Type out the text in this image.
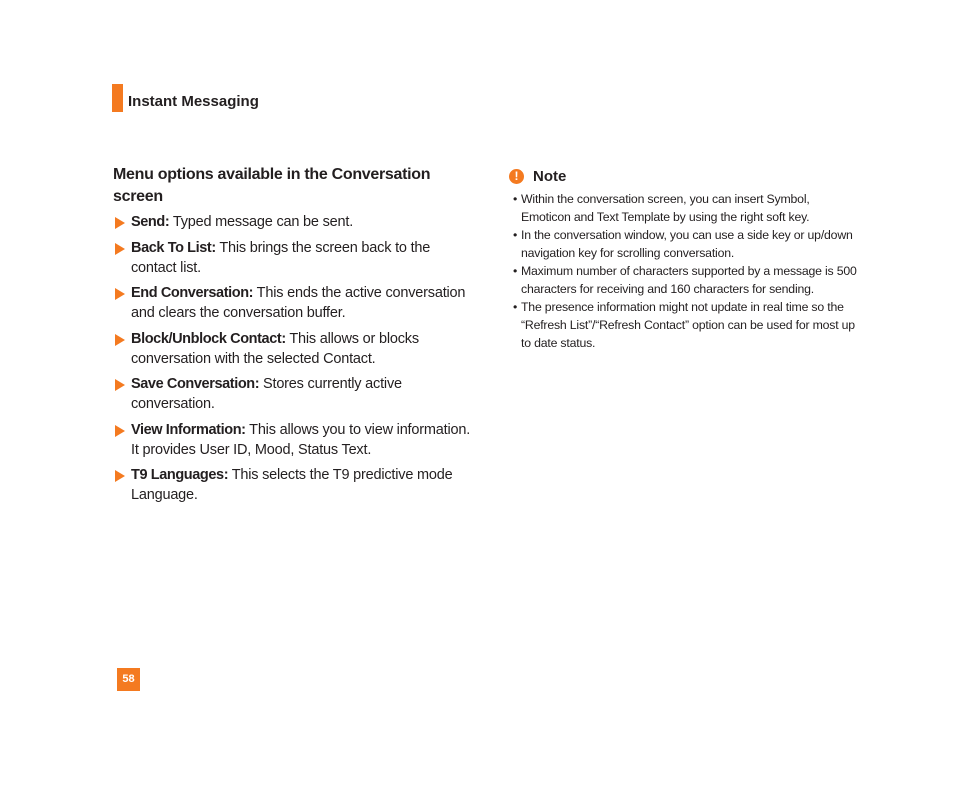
Instant Messaging
Menu options available in the Conversation
screen
Send: Typed message can be sent.
Back To List: This brings the screen back to the contact list.
End Conversation: This ends the active conversation and clears the conversation buffer.
Block/Unblock Contact: This allows or blocks conversation with the selected Contact.
Save Conversation: Stores currently active conversation.
View Information: This allows you to view information. It provides User ID, Mood, Status Text.
T9 Languages: This selects the T9 predictive mode Language.
! Note
• Within the conversation screen, you can insert Symbol, Emoticon and Text Template by using the right soft key.
• In the conversation window, you can use a side key or up/down navigation key for scrolling conversation.
• Maximum number of characters supported by a message is 500 characters for receiving and 160 characters for sending.
• The presence information might not update in real time so the “Refresh List”/“Refresh Contact” option can be used for most up to date status.
58
